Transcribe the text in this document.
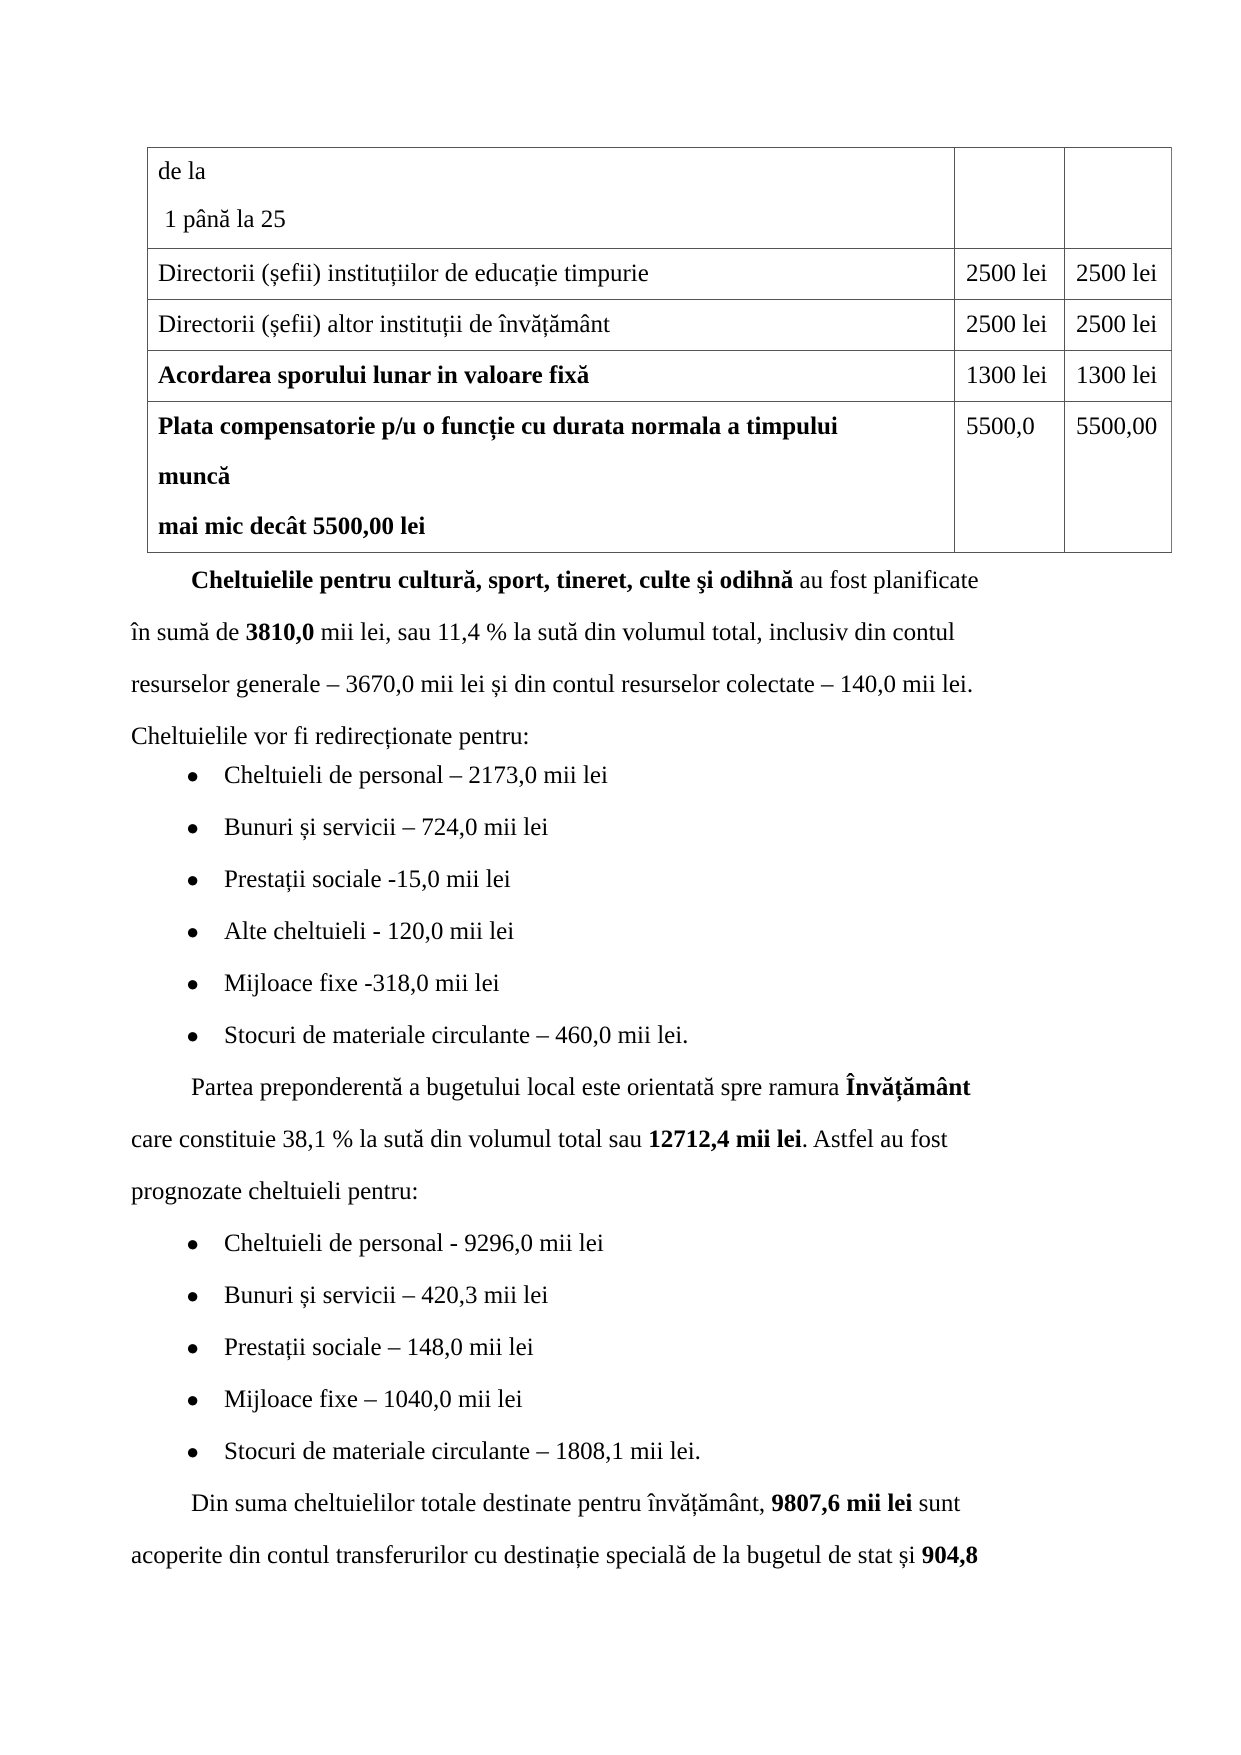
de la
1 până la 25		

Directorii (șefii) instituțiilor de educație timpurie	2500 lei	2500 lei
Directorii (șefii) altor instituții de învățământ	2500 lei	2500 lei
Acordarea sporului lunar in valoare fixă	1300 lei	1300 lei

Plata compensatorie p/u o funcție cu durata normala a timpului
muncă
mai mic decât 5500,00 lei	5500,0	5500,00

Cheltuielile pentru cultură, sport, tineret, culte şi odihnă au fost planificate
în sumă de 3810,0 mii lei, sau 11,4 % la sută din volumul total, inclusiv din contul
resurselor generale – 3670,0 mii lei și din contul resurselor colectate – 140,0 mii lei.
Cheltuielile vor fi redirecționate pentru:

● Cheltuieli de personal – 2173,0 mii lei
● Bunuri și servicii – 724,0 mii lei
● Prestații sociale -15,0 mii lei
● Alte cheltuieli - 120,0 mii lei
● Mijloace fixe -318,0 mii lei
● Stocuri de materiale circulante – 460,0 mii lei.

Partea preponderentă a bugetului local este orientată spre ramura Învățământ
care constituie 38,1 % la sută din volumul total sau 12712,4 mii lei. Astfel au fost
prognozate cheltuieli pentru:

● Cheltuieli de personal - 9296,0 mii lei
● Bunuri și servicii – 420,3 mii lei
● Prestații sociale – 148,0 mii lei
● Mijloace fixe – 1040,0 mii lei
● Stocuri de materiale circulante – 1808,1 mii lei.

Din suma cheltuielilor totale destinate pentru învățământ, 9807,6 mii lei sunt
acoperite din contul transferurilor cu destinație specială de la bugetul de stat și 904,8
